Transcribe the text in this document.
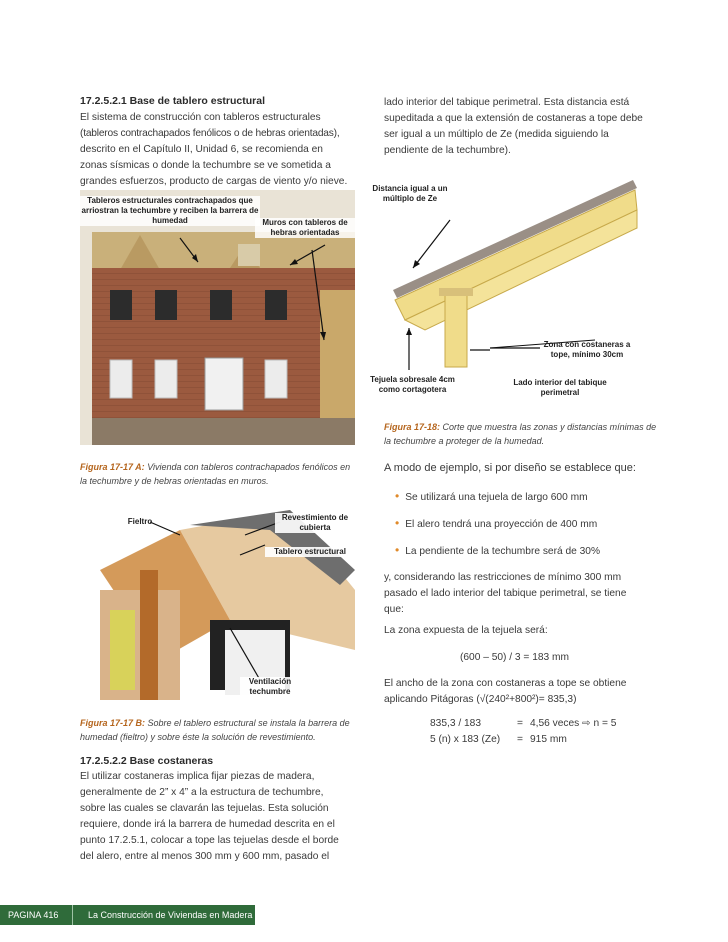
17.2.5.2.1 Base de tablero estructural
El sistema de construcción con tableros estructurales
(tableros contrachapados fenólicos o de hebras orientadas),
descrito en el Capítulo II, Unidad 6, se recomienda en
zonas sísmicas o donde la techumbre se ve sometida a
grandes esfuerzos, producto de cargas de viento y/o nieve.
Tableros estructurales contrachapados que arriostran la techumbre y reciben la barrera de humedad	Muros con tableros de hebras orientadas
Figura 17-17 A: Vivienda con tableros contrachapados fenólicos en la techumbre y de hebras orientadas en muros.
Fieltro	Revestimiento de cubierta
Tablero estructural
Ventilación techumbre
Figura 17-17 B: Sobre el tablero estructural se instala la barrera de humedad (fieltro) y sobre éste la solución de revestimiento.
17.2.5.2.2 Base costaneras
El utilizar costaneras implica fijar piezas de madera,
generalmente de 2” x 4” a la estructura de techumbre,
sobre las cuales se clavarán las tejuelas. Esta solución
requiere, donde irá la barrera de humedad descrita en el
punto 17.2.5.1, colocar a tope las tejuelas desde el borde
del alero, entre al menos 300 mm y 600 mm, pasado el
lado interior del tabique perimetral. Esta distancia está
supeditada a que la extensión de costaneras a tope debe
ser igual a un múltiplo de Ze (medida siguiendo la
pendiente de la techumbre).
Distancia igual a un múltiplo de Ze
Zona con costaneras a tope, mínimo 30cm
Tejuela sobresale 4cm como cortagotera
Lado interior del tabique perimetral
Figura 17-18: Corte que muestra las zonas y distancias mínimas de la techumbre a proteger de la humedad.
A modo de ejemplo, si por diseño se establece que:
• Se utilizará una tejuela de largo 600 mm
• El alero tendrá una proyección de 400 mm
• La pendiente de la techumbre será de 30%
y, considerando las restricciones de mínimo 300 mm
pasado el lado interior del tabique perimetral, se tiene
que:
La zona expuesta de la tejuela será:
(600 – 50) / 3 = 183 mm
El ancho de la zona con costaneras a tope se obtiene
aplicando Pitágoras (√(240²+800²)= 835,3)
835,3 / 183	= 4,56 veces ⇨ n = 5
5 (n) x 183 (Ze)	= 915 mm
PAGINA 416	La Construcción de Viviendas en Madera
